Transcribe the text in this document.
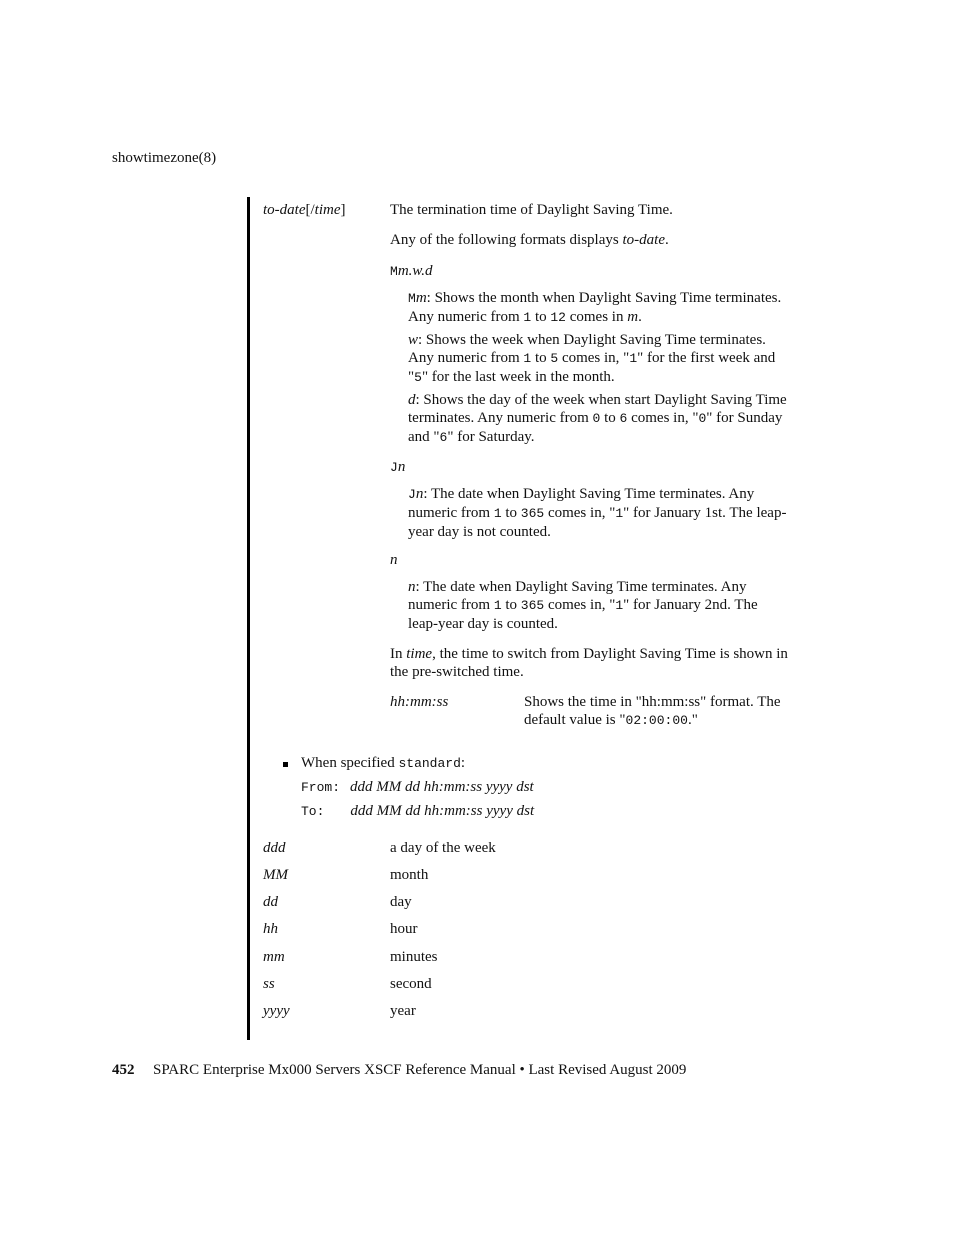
showtimezone(8)
to-date[/time]	The termination time of Daylight Saving Time.
Any of the following formats displays to-date.
Mm.w.d
Mm: Shows the month when Daylight Saving Time terminates.
Any numeric from 1 to 12 comes in m.
w: Shows the week when Daylight Saving Time terminates.
Any numeric from 1 to 5 comes in, "1" for the first week and
"5" for the last week in the month.
d: Shows the day of the week when start Daylight Saving Time
terminates. Any numeric from 0 to 6 comes in, "0" for Sunday
and "6" for Saturday.
Jn
Jn: The date when Daylight Saving Time terminates. Any
numeric from 1 to 365 comes in, "1" for January 1st. The leap-
year day is not counted.
n
n: The date when Daylight Saving Time terminates. Any
numeric from 1 to 365 comes in, "1" for January 2nd. The
leap-year day is counted.
In time, the time to switch from Daylight Saving Time is shown in
the pre-switched time.
hh:mm:ss	Shows the time in "hh:mm:ss" format. The
default value is "02:00:00."
When specified standard:
From: ddd MM dd hh:mm:ss yyyy dst
To: ddd MM dd hh:mm:ss yyyy dst
ddd	a day of the week
MM	month
dd	day
hh	hour
mm	minutes
ss	second
yyyy	year
452 SPARC Enterprise Mx000 Servers XSCF Reference Manual • Last Revised August 2009
